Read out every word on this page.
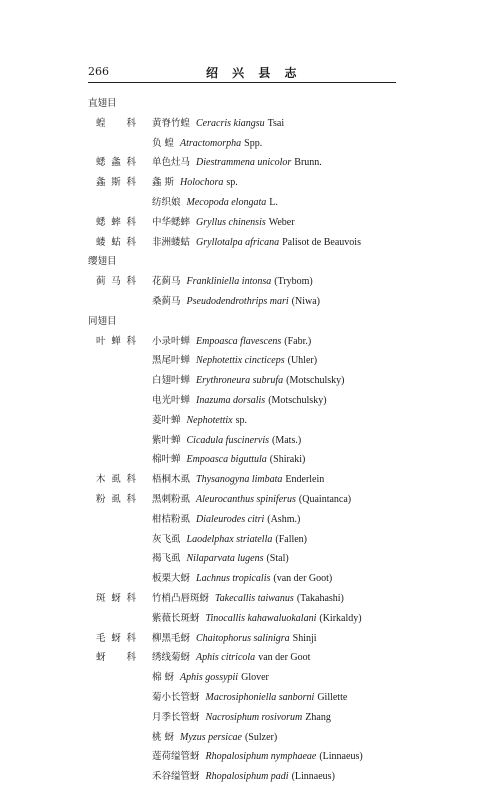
266	绍 兴 县 志
直翅目
蝗科 黄脊竹蝗 Ceracris kiangsu Tsai
负 蝗 Atractomorpha Spp.
蟋螽科 单色灶马 Diestrammena unicolor Brunn.
螽斯科 螽 斯 Holochora sp.
纺织娘 Mecopoda elongata L.
蟋蟀科 中华蟋蟀 Gryllus chinensis Weber
蝼蛄科 非洲蝼蛄 Gryllotalpa africana Palisot de Beauvois
缨翅目
蓟马科 花蓟马 Frankliniella intonsa (Trybom)
桑蓟马 Pseudodendrothrips mari (Niwa)
同翅目
叶蝉科 小录叶蝉 Empoasca flavescens (Fabr.)
黑尾叶蝉 Nephotettix cincticeps (Uhler)
白翅叶蝉 Erythroneura subrufa (Motschulsky)
电光叶蝉 Inazuma dorsalis (Motschulsky)
菱叶蝉 Nephotettix sp.
紫叶蝉 Cicadula fuscinervis (Mats.)
棉叶蝉 Empoasca biguttula (Shiraki)
木虱科 梧桐木虱 Thysanogyna limbata Enderlein
粉虱科 黑刺粉虱 Aleurocanthus spiniferus (Quaintanca)
柑桔粉虱 Dialeurodes citri (Ashm.)
灰飞虱 Laodelphax striatella (Fallen)
褐飞虱 Nilaparvata lugens (Stal)
板栗大蚜 Lachnus tropicalis (van der Goot)
斑蚜科 竹梢凸唇斑蚜 Takecallis taiwanus (Takahashi)
紫薇长斑蚜 Tinocallis kahawaluokalani (Kirkaldy)
毛蚜科 柳黑毛蚜 Chaitophorus salinigra Shinji
蚜科 绣线菊蚜 Aphis citricola van der Goot
棉 蚜 Aphis gossypii Glover
菊小长管蚜 Macrosiphoniella sanborni Gillette
月季长管蚜 Nacrosiphum rosivorum Zhang
桃 蚜 Myzus persicae (Sulzer)
莲荷缢管蚜 Rhopalosiphum nymphaeae (Linnaeus)
禾谷缢管蚜 Rhopalosiphum padi (Linnaeus)
